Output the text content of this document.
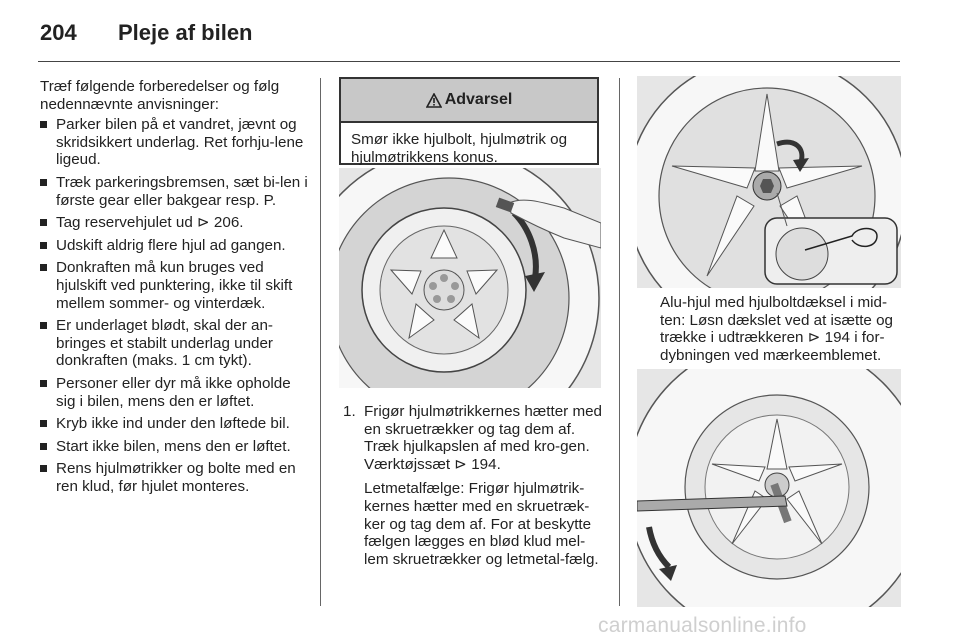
204 Pleje af bilen

Træf følgende forberedelser og følg nedennævnte anvisninger:

Parker bilen på et vandret, jævnt og skridsikkert underlag. Ret forhju-lene ligeud.
Træk parkeringsbremsen, sæt bi-len i første gear eller bakgear resp. P.
Tag reservehjulet ud ⊳ 206.
Udskift aldrig flere hjul ad gangen.
Donkraften må kun bruges ved hjulskift ved punktering, ikke til skift mellem sommer- og vinterdæk.
Er underlaget blødt, skal der an-bringes et stabilt underlag under donkraften (maks. 1 cm tykt).
Personer eller dyr må ikke opholde sig i bilen, mens den er løftet.
Kryb ikke ind under den løftede bil.
Start ikke bilen, mens den er løftet.
Rens hjulmøtrikker og bolte med en ren klud, før hjulet monteres.
Advarsel
Smør ikke hjulbolt, hjulmøtrik og hjulmøtrikkens konus.
1. Frigør hjulmøtrikkernes hætter med en skruetrækker og tag dem af. Træk hjulkapslen af med kro-gen. Værktøjssæt ⊳ 194.

Letmetalfælge: Frigør hjulmøtrik-kernes hætter med en skruetræk-ker og tag dem af. For at beskytte fælgen lægges en blød klud mel-lem skruetrækker og letmetal-fælg.

Alu-hjul med hjulboltdæksel i mid-ten: Løsn dækslet ved at isætte og trække i udtrækkeren ⊳ 194 i for-dybningen ved mærkeemblemet.
carmanualsonline.info
